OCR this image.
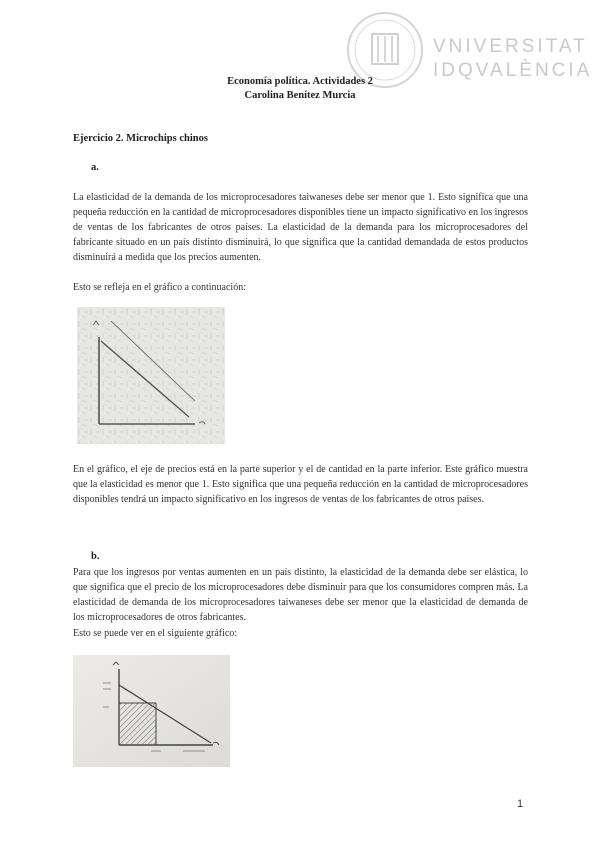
VNIVERSITAT
IDQVALÈNCIA
Economía política. Actividades 2
Carolina Benítez Murcia
Ejercicio 2. Microchips chinos
a.
La elasticidad de la demanda de los microprocesadores taiwaneses debe ser menor que 1. Esto significa que una pequeña reducción en la cantidad de microprocesadores disponibles tiene un impacto significativo en los ingresos de ventas de los fabricantes de otros países. La elasticidad de la demanda para los microprocesadores del fabricante situado en un país distinto disminuirá, lo que significa que la cantidad demandada de estos productos disminuirá a medida que los precios aumenten.
Esto se refleja en el gráfico a continuación:
En el gráfico, el eje de precios está en la parte superior y el de cantidad en la parte inferior. Este gráfico muestra que la elasticidad es menor que 1. Esto significa que una pequeña reducción en la cantidad de microprocesadores disponibles tendrá un impacto significativo en los ingresos de ventas de los fabricantes de otros países.
b.
Para que los ingresos por ventas aumenten en un país distinto, la elasticidad de la demanda debe ser elástica, lo que significa que el precio de los microprocesadores debe disminuir para que los consumidores compren más. La elasticidad de demanda de los microprocesadores taiwaneses debe ser menor que la elasticidad de demanda de los microprocesadores de otros fabricantes.
Esto se puede ver en el siguiente gráfico:
1
